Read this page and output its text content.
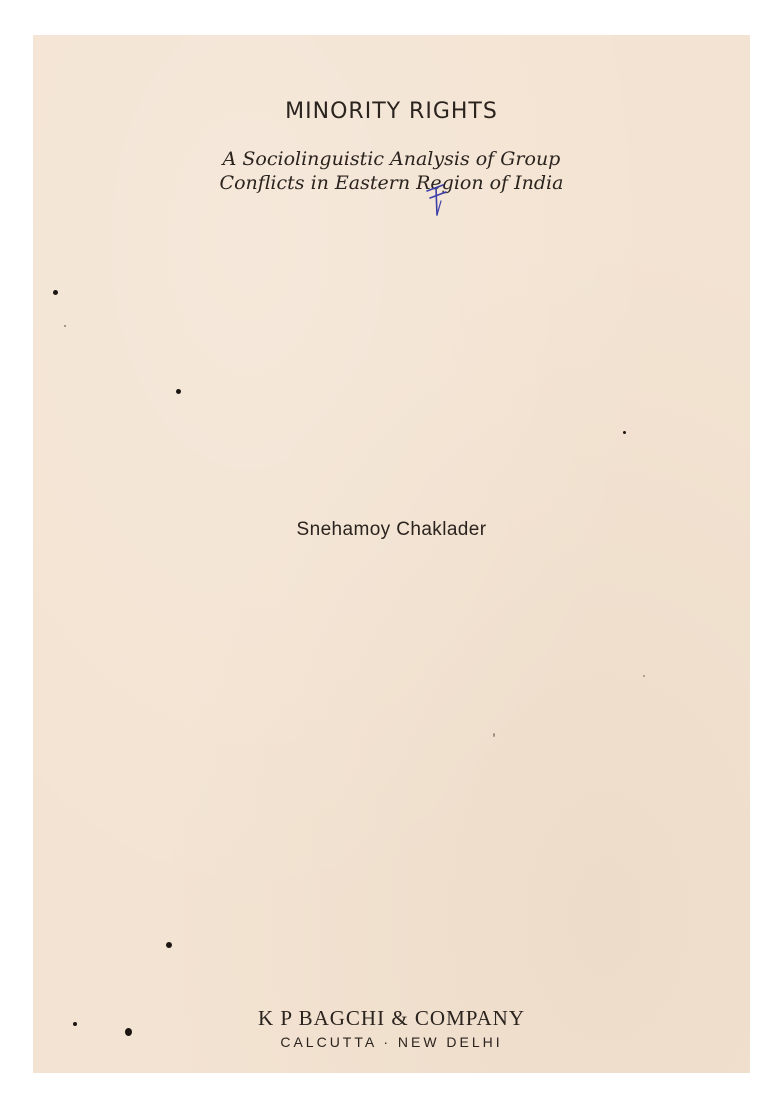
MINORITY RIGHTS
A Sociolinguistic Analysis of Group
Conflicts in Eastern Region of India
Snehamoy Chaklader
K P BAGCHI & COMPANY
CALCUTTA · NEW DELHI
